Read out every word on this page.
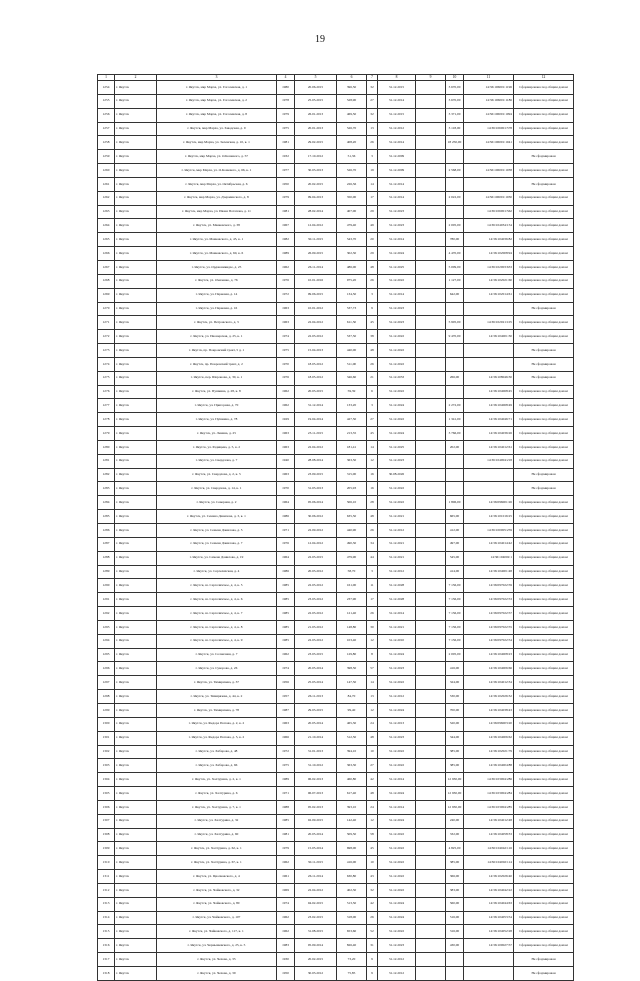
19
1	2	3	4	5	6	7	8	9	10	11	12
1254	г. Якутск	г. Якутск, мкр Марха, ул. Гоголевская, д. 1	1980	20.06.2015	396,50	32	31.12.2015		3 670,00	14:36:106001:1196	Сформирована под общим домом
1255	г. Якутск	г. Якутск, мкр Марха, ул. Гоголевская, д. 2	1978	25.05.2015	528,90	27	31.12.2014		3 670,00	14:36:106001:1186	Сформирована под общим домом
1256	г. Якутск	г. Якутск, мкр Марха, ул. Гоголевская, д. 8	1979	26.01.2013	469,50	32	31.12.2015		3 371,00	14:36:106001:1094	Сформирована под общим домом
1257	г. Якутск	г. Якутск, мкр Марха, ул. Заводская, д. 9	1975	20.01.2013	526,70	13	31.12.2012		3 118,00	14:36:106001:578	Сформирована под общим домом
1258	г. Якутск	г. Якутск, мкр Марха, ул. Зеленская, д. 10, к. 1	1981	29.02.2015	408,20	26	31.12.2014		18 250,00	14:36:106001:1041	Сформирована под общим домом
1259	г. Якутск	г. Якутск, мкр Марха, ул. О.Кошевого, д. 57	1932	17.10.2012	51,36	3	31.12.2009				Не сформирован
1260	г. Якутск	г. Якутск, мкр Марха, ул. О.Кошевого, д. 66, к. 1	1977	30.03.2013	526,70	19	31.12.2009		2 568,00	14:36:106001:1038	Сформирована под общим домом
1261	г. Якутск	г. Якутск, мкр Марха, ул. Октябрьская, д. 6	1950	20.02.2015	226,36	14	31.12.2014				Не сформирован
1262	г. Якутск	г. Якутск, мкр Марха, ул. Дзержинского, д. 8	1979	09.04.2013	350,00	17	31.12.2014		2 022,00	14:36:106001:1030	Сформирована под общим домом
1263	г. Якутск	г. Якутск, мкр Марха, ул. Ивана Потапова, д. 11	1981	28.02.2014	407,00	29	31.12.2023			14:36:106001:562	Сформирована под общим домом
1264	г. Якутск	г. Якутск, ул. Маяковского, д. 38	1967	12.04.2012	479,40	49	31.12.2023		2 005,00	14:36:104034:154	Сформирована под общим домом
1265	г. Якутск	г. Якутск, ул. Маяковского, д. 45, к. 1	1982	30.11.2015	543,70	20	31.12.2014		780,00	14:36:104036:82	Сформирована под общим домом
1266	г. Якутск	г. Якутск, ул. Маяковского, д. 60, к. 6	1989	26.09.2015	302,30	29	31.12.2024		4 470,00	14:36:102008:94	Сформирована под общим домом
1267	г. Якутск	г. Якутск, ул. Орджоникидзе, д. 25	1962	26.11.2014	486,00	48	31.12.2025		5 009,00	14:36:102003:633	Сформирована под общим домом
1268	г. Якутск	г. Якутск, ул. Очиченко, д. 76	1976	10.01.2016	975,20	26	31.12.2022		1 127,00	14:36:102021:60	Сформирована под общим домом
1269	г. Якутск	г. Якутск, ул. Парковая, д. 14	1972	09.06.2015	134,50	3	31.12.2014		642,00	14:36:102014:61	Сформирована под общим домом
1270	г. Якутск	г. Якутск, ул. Парковая, д. 16	1963	10.01.2012	537,73	9	31.12.2023				Не сформирован
1271	г. Якутск	г. Якутск, ул. Петровского, д. 3	1963	22.04.2012	611,50	45	31.12.2023		5 905,00	14:36:102021:105	Сформирована под общим домом
1272	г. Якутск	г. Якутск, ул. Пионерская, д. 25, к. 1	1974	22.03.2012	537,50	38	31.12.2022		9 470,00	14:36:104001:30	Сформирована под общим домом
1273	г. Якутск	г. Якутск, пр. Покровский тракт, 5 д. 1	1975	15.04.2013	440,00	48	31.12.2022				Не сформирован
1274	г. Якутск	г. Якутск, пр. Покровский тракт, д. 2	1970	18.05.2012	511,00	26	31.12.2022				Не сформирован
1275	г. Якутск	г. Якутск, пер. Шеронова, д. 30, к. 1	1976	18.05.2012	346,60	21	31.12.2033		266,00	14:36:108046:30	Не сформирован
1276	г. Якутск	г. Якутск, ул. Пушкина, д. 28, к. 8	1962	20.03.2015	59,39	6	31.12.2022			14:36:104068:45	Сформирована под общим домом
1277	г. Якутск	г. Якутск, ул. Пригорная, д. 70	1962	31.12.2014	133,20	3	31.12.2024		2 272,00	14:36:104068:49	Сформирована под общим домом
1278	г. Якутск	г. Якутск, ул. Пушкина, д. 78	1929	19.04.2014	427,50	27	31.12.2022		1 341,00	14:36:104046:71	Сформирована под общим домом
1279	г. Якутск	г. Якутск, ул. Ленина, д. 25	1963	23.11.2015	213,35	45	31.12.2024		3 766,00	14:36:104036:26	Сформирована под общим домом
1280	г. Якутск	г. Якутск, ул. Радищева, д. 5, к. 2	1963	22.04.2012	181,41	14	31.12.2025		202,00	14:36:104012:61	Сформирована под общим домом
1281	г. Якутск	г. Якутск, ул. Свердлова, д. 7	1940	28.08.2014	363,50	12	31.12.2023			14:36:104004:218	Сформирована под общим домом
1282	г. Якутск	г. Якутск, ул. Свердлова, д. 2, к. 5	1963	23.09.2015	315,00	16	30.08.2026				Не сформирован
1283	г. Якутск	г. Якутск, ул. Свердлова, д. 14, к. 1	1970	31.03.2013	205,93	16	31.12.2022				Не сформирован
1284	г. Якутск	г. Якутск, ул. Северная, д. 2	1964	05.06.2014	506,10	28	31.12.2022		1 806,00	14:36:096001:26	Сформирована под общим домом
1285	г. Якутск	г. Якутск, ул. Семена Данилова, д. 3, к. 1	1986	30.06.2012	635,50	48	31.12.2021		665,00	14:36:101016:25	Сформирована под общим домом
1286	г. Якутск	г. Якутск, ул. Семена Данилова, д. 5	1971	22.09.2012	440,90	26	31.12.2012		412,00	14:36:100005:259	Сформирована под общим домом
1287	г. Якутск	г. Якутск, ул. Семена Данилова, д. 7	1976	12.04.2012	490,30	34	31.12.2021		497,00	14:36:104014:42	Сформирована под общим домом
1288	г. Якутск	г. Якутск, ул. Семена Данилова, д. 19	1964	22.03.2015	479,90	44	31.12.2021		545,00	14:36:104002:1	Сформирована под общим домом
1289	г. Якутск	г. Якутск, ул. Сергеляхская, д. 4	1986	20.03.2012	58,70	3	31.12.2012		414,00	14:36:104001:48	Сформирована под общим домом
1290	г. Якутск	г. Якутск, ш. Сергеляхское, д. 4, к. 5	1985	22.03.2012	161,00	11	31.12.2028		7 136,00	14:36:097022:59	Сформирована под общим домом
1291	г. Якутск	г. Якутск, ш. Сергеляхское, д. 4, к. 6	1985	23.03.2012	237,90	17	31.12.2028		7 136,00	14:36:097022:53	Сформирована под общим домом
1292	г. Якутск	г. Якутск, ш. Сергеляхское, д. 4, к. 7	1985	22.03.2012	121,40	26	31.12.2014		7 136,00	14:36:097022:57	Сформирована под общим домом
1293	г. Якутск	г. Якутск, ш. Сергеляхское, д. 4, к. 8	1985	21.03.2012	148,80	30	31.12.2021		7 136,00	14:36:097022:55	Сформирована под общим домом
1294	г. Якутск	г. Якутск, ш. Сергеляхское, д. 4, к. 9	1985	22.03.2012	103,40	12	31.12.2010		7 136,00	14:36:097022:54	Сформирована под общим домом
1295	г. Якутск	г. Якутск, ул. Солнечная, д. 7	1962	23.03.2015	129,80	8	31.12.2024		2 005,00	14:36:104008:23	Сформирована под общим домом
1296	г. Якутск	г. Якутск, ул. Суворова, д. 26	1974	20.05.2014	398,50	57	31.12.2023		416,00	14:36:104006:66	Сформирована под общим домом
1297	г. Якутск	г. Якутск, ул. Тимирязева, д. 37	1956	25.03.2014	147,50	14	31.12.2022		324,00	14:36:104012:34	Сформирована под общим домом
1298	г. Якутск	г. Якутск, ул. Тимирязева, д. 44, к. 2	1957	26.11.2013	84,70	13	31.12.2012		530,00	14:36:102026:32	Сформирована под общим домом
1299	г. Якутск	г. Якутск, ул. Тимирязева, д. 78	1987	29.03.2015	99,40	12	31.12.2024		700,00	14:36:104038:43	Сформирована под общим домом
1300	г. Якутск	г. Якутск, ул. Федора Попова, д. 2, к. 2	1963	20.05.2014	465,30	24	31.12.2013		520,00	14:36:096003:20	Сформирована под общим домом
1301	г. Якутск	г. Якутск, ул. Федора Попова, д. 5, к. 2	1966	21.10.2014	512,50	48	31.12.2023		344,00	14:36:104006:62	Сформирована под общим домом
1302	г. Якутск	г. Якутск, ул. Хабарова, д. 48	1972	31.01.2013	394,10	10	31.12.2022		385,00	14:36:102021:79	Сформирована под общим домом
1303	г. Якутск	г. Якутск, ул. Хабарова, д. 66	1975	31.10.2012	363,30	27	31.12.2022		385,00	14:36:104004:88	Сформирована под общим домом
1304	г. Якутск	г. Якутск, ул. Халтурина, д. 2, к. 1	1989	06.02.2013	460,80	42	31.12.2014		12 930,00	14:36:103004:286	Сформирована под общим домом
1305	г. Якутск	г. Якутск, ул. Халтурина, д. 6	1971	06.07.2013	617,40	48	31.12.2024		12 930,00	14:36:103004:284	Сформирована под общим домом
1306	г. Якутск	г. Якутск, ул. Халтурина, д. 7, к. 1	1988	05.02.2013	393,10	24	31.12.2014		12 930,00	14:36:103004:285	Сформирована под общим домом
1307	г. Якутск	г. Якутск, ул. Халтурина, д. 32	1985	02.09.2015	142,40	12	31.12.2024		240,00	14:36:104012:48	Сформирована под общим домом
1308	г. Якутск	г. Якутск, ул. Халтурина, д. 60	1981	20.05.2014	509,50	58	31.12.2022		332,00	14:36:104058:33	Сформирована под общим домом
1309	г. Якутск	г. Якутск, ул. Халтурина, д. 62, к. 1	1979	15.05.2014	698,00	45	31.12.2022		4 825,00	14:36:104042:116	Сформирована под общим домом
1310	г. Якутск	г. Якутск, ул. Халтурина, д. 67, к. 1	1962	30.11.2015	416,00	10	31.12.2022		385,00	14:36:104002:114	Сформирована под общим домом
1311	г. Якутск	г. Якутск, ул. Циолковского, д. 4	1961	26.11.2014	630,80	43	31.12.2022		366,00	14:36:102026:40	Сформирована под общим домом
1312	г. Якутск	г. Якутск, ул. Чайковского, д. 32	1969	22.04.2012	402,30	32	31.12.2022		383,00	14:36:104042:22	Сформирована под общим домом
1313	г. Якутск	г. Якутск, ул. Чайковского, д. 80	1974	04.02.2015	513,50	42	31.12.2024		560,00	14:36:104044:63	Сформирована под общим домом
1314	г. Якутск	г. Якутск, ул. Чайковского, д. 107	1962	23.02.2015	318,00	26	31.12.2024		516,00	14:36:104053:54	Сформирована под общим домом
1315	г. Якутск	г. Якутск, ул. Чайковского, д. 117, к. 1	1962	31.08.2015	653,60	52	31.12.2022		316,00	14:36:104052:28	Сформирована под общим домом
1316	г. Якутск	г. Якутск, ул. Чернышевского, д. 25, к. 5	1983	05.09.2014	826,40	31	31.12.2023		430,00	14:36:100027:57	Сформирована под общим домом
1317	г. Якутск	г. Якутск, ул. Чехова, д. 35	1930	20.02.2015	73,20	9	31.12.2012				Не сформирован
1318	г. Якутск	г. Якутск, ул. Чехова, д. 39	1950	30.03.2012	75,85	9	31.12.2012				Не сформирован
